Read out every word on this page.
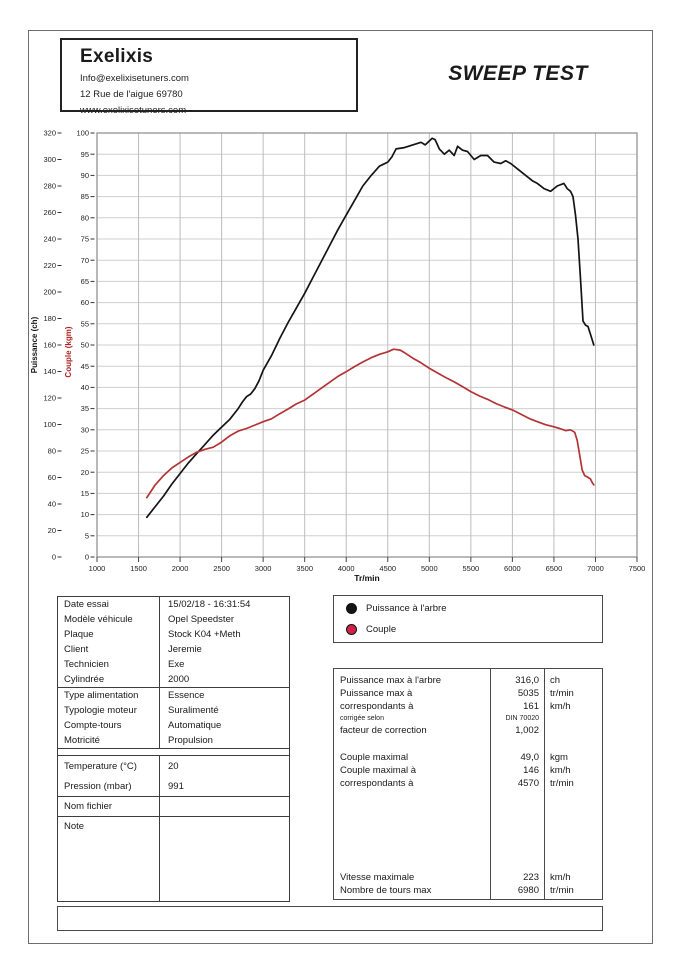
Exelixis
Info@exelixisetuners.com
12 Rue de l'aigue 69780
www.exelixisetuners.com
SWEEP TEST
1000	1500	2000	2500	3000	3500	4000	4500	5000	5500	6000	6500	7000	7500
Tr/min
0
20
40
60
80
100
120
140
160
180
200
220
240
260
280
300
320
0
5
10
15
20
25
30
35
40
45
50
55
60
65
70
75
80
85
90
95
100
Puissance (ch)	Couple (kgm)
Date essai	15/02/18 - 16:31:54
Modèle véhicule	Opel Speedster
Plaque	Stock K04 +Meth
Client	Jeremie
Technicien	Exe
Cylindrée	2000
Type alimentation	Essence
Typologie moteur	Suralimenté
Compte-tours	Automatique
Motricité	Propulsion
Temperature (°C)	20
Pression (mbar)	991
Nom fichier
Note
Puissance à l'arbre
Couple
Puissance max à l'arbre	316,0	ch
Puissance max à	5035	tr/min
correspondants à	161	km/h
corrigée selon	DIN 70020
facteur de correction	1,002
Couple maximal	49,0	kgm
Couple maximal à	146	km/h
correspondants à	4570	tr/min
Vitesse maximale	223	km/h
Nombre de tours max	6980	tr/min
